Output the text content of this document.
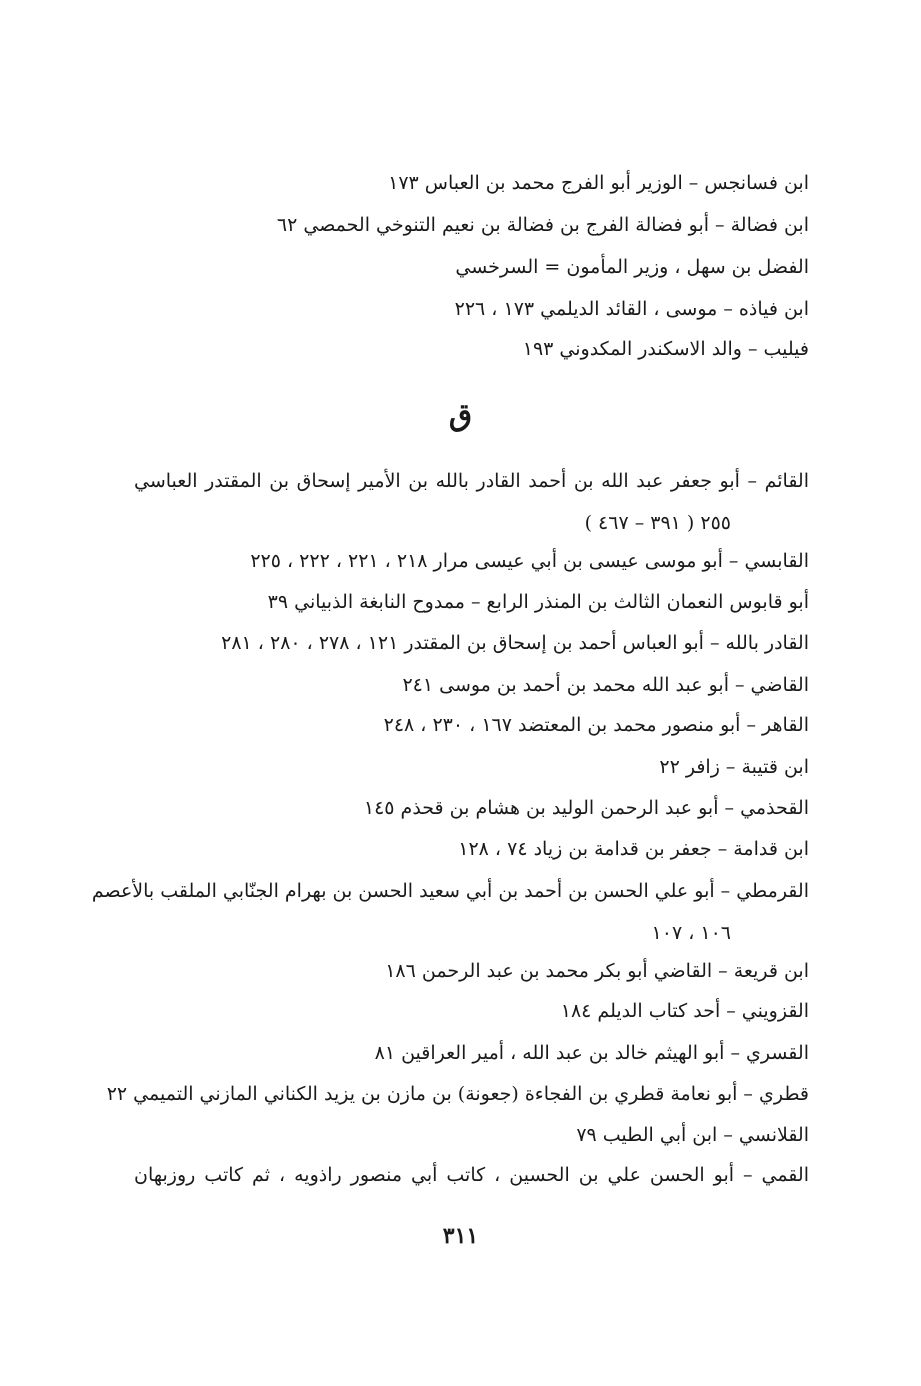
ابن فسانجس – الوزير أبو الفرج محمد بن العباس ١٧٣
ابن فضالة – أبو فضالة الفرج بن فضالة بن نعيم التنوخي الحمصي ٦٢
الفضل بن سهل ، وزير المأمون = السرخسي
ابن فياذه – موسى ، القائد الديلمي ١٧٣ ، ٢٢٦
فيليب – والد الاسكندر المكدوني ١٩٣
ق
القائم – أبو جعفر عبد الله بن أحمد القادر بالله بن الأمير إسحاق بن المقتدر العباسي
( ٣٩١ – ٤٦٧ ) ٢٥٥
القابسي – أبو موسى عيسى بن أبي عيسى مرار ٢١٨ ، ٢٢١ ، ٢٢٢ ، ٢٢٥
أبو قابوس النعمان الثالث بن المنذر الرابع – ممدوح النابغة الذبياني ٣٩
القادر بالله – أبو العباس أحمد بن إسحاق بن المقتدر ١٢١ ، ٢٧٨ ، ٢٨٠ ، ٢٨١
القاضي – أبو عبد الله محمد بن أحمد بن موسى ٢٤١
القاهر – أبو منصور محمد بن المعتضد ١٦٧ ، ٢٣٠ ، ٢٤٨
ابن قتيبة – زافر ٢٢
القحذمي – أبو عبد الرحمن الوليد بن هشام بن قحذم ١٤٥
ابن قدامة – جعفر بن قدامة بن زياد ٧٤ ، ١٢٨
القرمطي – أبو علي الحسن بن أحمد بن أبي سعيد الحسن بن بهرام الجنّابي الملقب بالأعصم
١٠٦ ، ١٠٧
ابن قريعة – القاضي أبو بكر محمد بن عبد الرحمن ١٨٦
القزويني – أحد كتاب الديلم ١٨٤
القسري – أبو الهيثم خالد بن عبد الله ، أمير العراقين ٨١
قطري – أبو نعامة قطري بن الفجاءة (جعونة) بن مازن بن يزيد الكناني المازني التميمي ٢٢
القلانسي – ابن أبي الطيب ٧٩
القمي – أبو الحسن علي بن الحسين ، كاتب أبي منصور راذويه ، ثم كاتب روزبهان
٣١١
